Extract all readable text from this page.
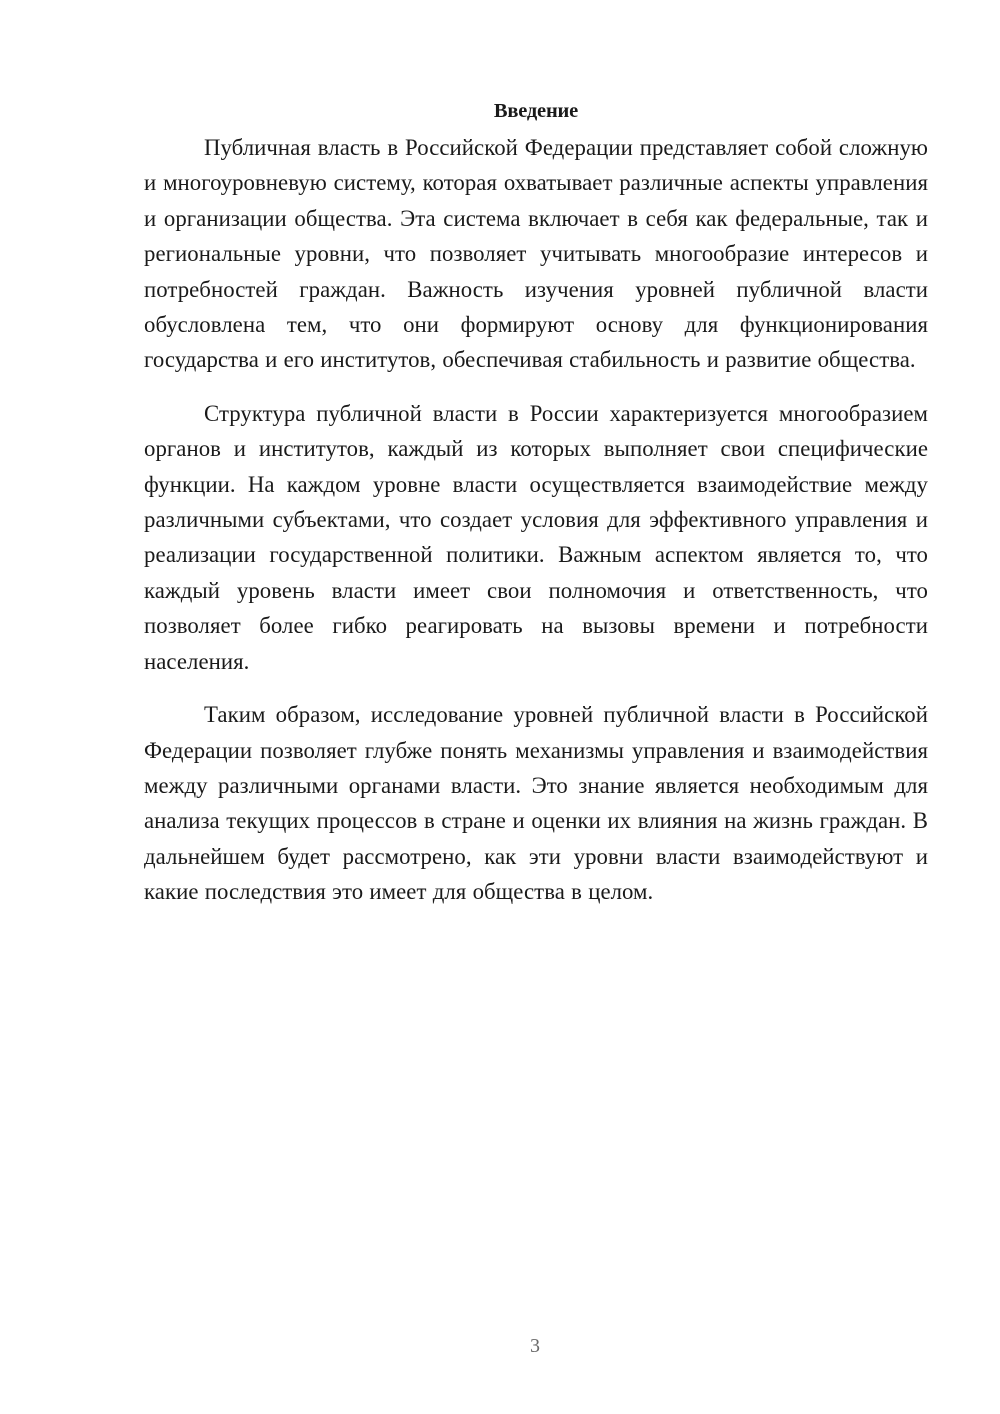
Введение

Публичная власть в Российской Федерации представляет собой сложную и многоуровневую систему, которая охватывает различные аспекты управления и организации общества. Эта система включает в себя как федеральные, так и региональные уровни, что позволяет учитывать многообразие интересов и потребностей граждан. Важность изучения уровней публичной власти обусловлена тем, что они формируют основу для функционирования государства и его институтов, обеспечивая стабильность и развитие общества.

Структура публичной власти в России характеризуется многообразием органов и институтов, каждый из которых выполняет свои специфические функции. На каждом уровне власти осуществляется взаимодействие между различными субъектами, что создает условия для эффективного управления и реализации государственной политики. Важным аспектом является то, что каждый уровень власти имеет свои полномочия и ответственность, что позволяет более гибко реагировать на вызовы времени и потребности населения.

Таким образом, исследование уровней публичной власти в Российской Федерации позволяет глубже понять механизмы управления и взаимодействия между различными органами власти. Это знание является необходимым для анализа текущих процессов в стране и оценки их влияния на жизнь граждан. В дальнейшем будет рассмотрено, как эти уровни власти взаимодействуют и какие последствия это имеет для общества в целом.

3
